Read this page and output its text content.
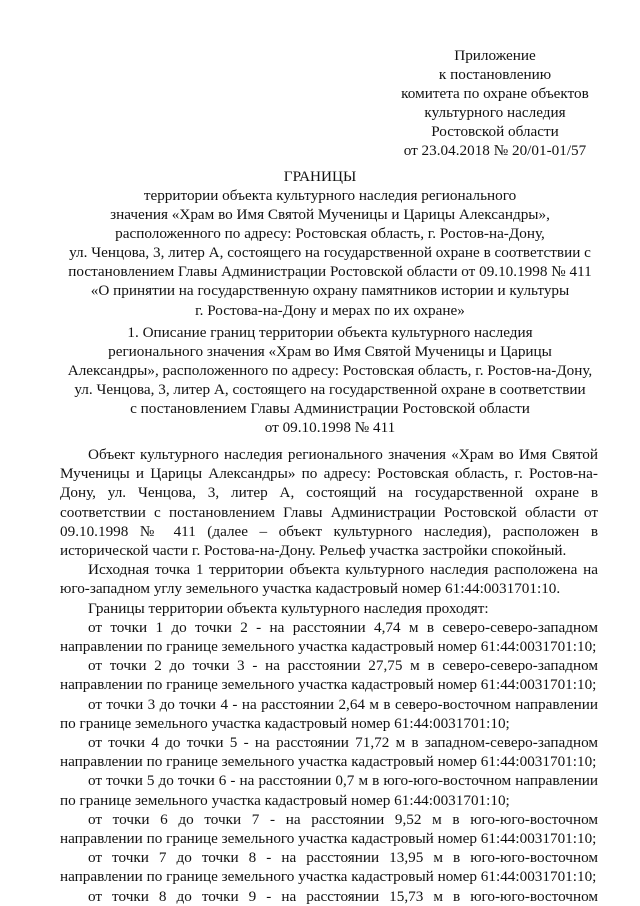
Приложение
к постановлению
комитета по охране объектов
культурного наследия
Ростовской области
от 23.04.2018 № 20/01-01/57
ГРАНИЦЫ
территории объекта культурного наследия регионального
значения «Храм во Имя Святой Мученицы и Царицы Александры»,
расположенного по адресу: Ростовская область, г. Ростов-на-Дону,
ул. Ченцова, 3, литер А, состоящего на государственной охране в соответствии с
постановлением Главы Администрации Ростовской области от 09.10.1998 № 411
«О принятии на государственную охрану памятников истории и культуры
г. Ростова-на-Дону и мерах по их охране»
1. Описание границ территории объекта культурного наследия
регионального значения «Храм во Имя Святой Мученицы и Царицы
Александры», расположенного по адресу: Ростовская область, г. Ростов-на-Дону,
ул. Ченцова, 3, литер А, состоящего на государственной охране в соответствии
с постановлением Главы Администрации Ростовской области
от 09.10.1998 № 411

Объект культурного наследия регионального значения «Храм во Имя Святой Мученицы и Царицы Александры» по адресу: Ростовская область, г. Ростов-на-Дону, ул. Ченцова, 3, литер А, состоящий на государственной охране в соответствии с постановлением Главы Администрации Ростовской области от 09.10.1998 № 411 (далее – объект культурного наследия), расположен в исторической части г. Ростова-на-Дону. Рельеф участка застройки спокойный.

Исходная точка 1 территории объекта культурного наследия расположена на юго-западном углу земельного участка кадастровый номер 61:44:0031701:10.

Границы территории объекта культурного наследия проходят:

от точки 1 до точки 2 - на расстоянии 4,74 м в северо-северо-западном направлении по границе земельного участка кадастровый номер 61:44:0031701:10;

от точки 2 до точки 3 - на расстоянии 27,75 м в северо-северо-западном направлении по границе земельного участка кадастровый номер 61:44:0031701:10;

от точки 3 до точки 4 - на расстоянии 2,64 м в северо-восточном направлении по границе земельного участка кадастровый номер 61:44:0031701:10;

от точки 4 до точки 5 - на расстоянии 71,72 м в западном-северо-западном направлении по границе земельного участка кадастровый номер 61:44:0031701:10;

от точки 5 до точки 6 - на расстоянии 0,7 м в юго-юго-восточном направлении по границе земельного участка кадастровый номер 61:44:0031701:10;

от точки 6 до точки 7 - на расстоянии 9,52 м в юго-юго-восточном направлении по границе земельного участка кадастровый номер 61:44:0031701:10;

от точки 7 до точки 8 - на расстоянии 13,95 м в юго-юго-восточном направлении по границе земельного участка кадастровый номер 61:44:0031701:10;

от точки 8 до точки 9 - на расстоянии 15,73 м в юго-юго-восточном
